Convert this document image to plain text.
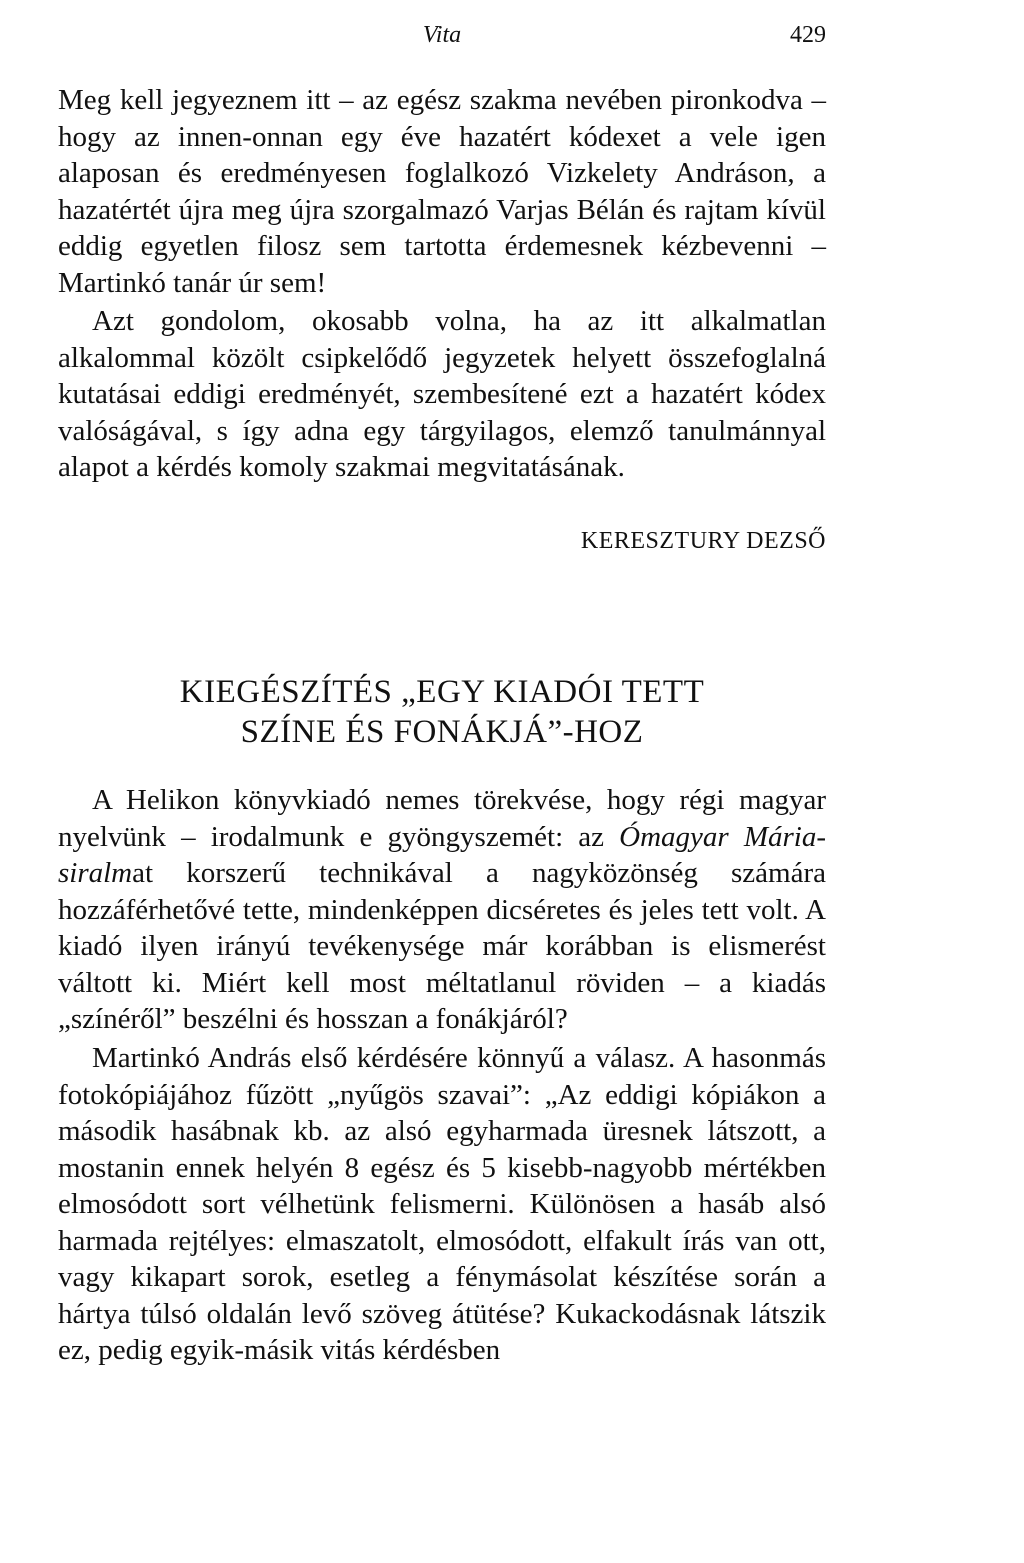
Vita	429

Meg kell jegyeznem itt – az egész szakma nevében pironkodva – hogy az innen-onnan egy éve hazatért kódexet a vele igen alaposan és eredményesen foglalkozó Vizkelety Andráson, a hazatértét újra meg újra szorgalmazó Varjas Bélán és rajtam kívül eddig egyetlen filosz sem tartotta érdemesnek kézbevenni – Martinkó tanár úr sem!

Azt gondolom, okosabb volna, ha az itt alkalmatlan alkalommal közölt csipkelődő jegyzetek helyett összefoglalná kutatásai eddigi eredményét, szembesítené ezt a hazatért kódex valóságával, s így adna egy tárgyilagos, elemző tanulmánnyal alapot a kérdés komoly szakmai megvitatásának.

KERESZTURY DEZSŐ
KIEGÉSZÍTÉS „EGY KIADÓI TETT
SZÍNE ÉS FONÁKJÁ”-HOZ

A Helikon könyvkiadó nemes törekvése, hogy régi magyar nyelvünk – irodalmunk e gyöngyszemét: az Ómagyar Mária-siralmat korszerű technikával a nagyközönség számára hozzáférhetővé tette, mindenképpen dicséretes és jeles tett volt. A kiadó ilyen irányú tevékenysége már korábban is elismerést váltott ki. Miért kell most méltatlanul röviden – a kiadás „színéről” beszélni és hosszan a fonákjáról?

Martinkó András első kérdésére könnyű a válasz. A hasonmás fotokópiájához fűzött „nyűgös szavai”: „Az eddigi kópiákon a második hasábnak kb. az alsó egyharmada üresnek látszott, a mostanin ennek helyén 8 egész és 5 kisebb-nagyobb mértékben elmosódott sort vélhetünk felismerni. Különösen a hasáb alsó harmada rejtélyes: elmaszatolt, elmosódott, elfakult írás van ott, vagy kikapart sorok, esetleg a fénymásolat készítése során a hártya túlsó oldalán levő szöveg átütése? Kukackodásnak látszik ez, pedig egyik-másik vitás kérdésben
